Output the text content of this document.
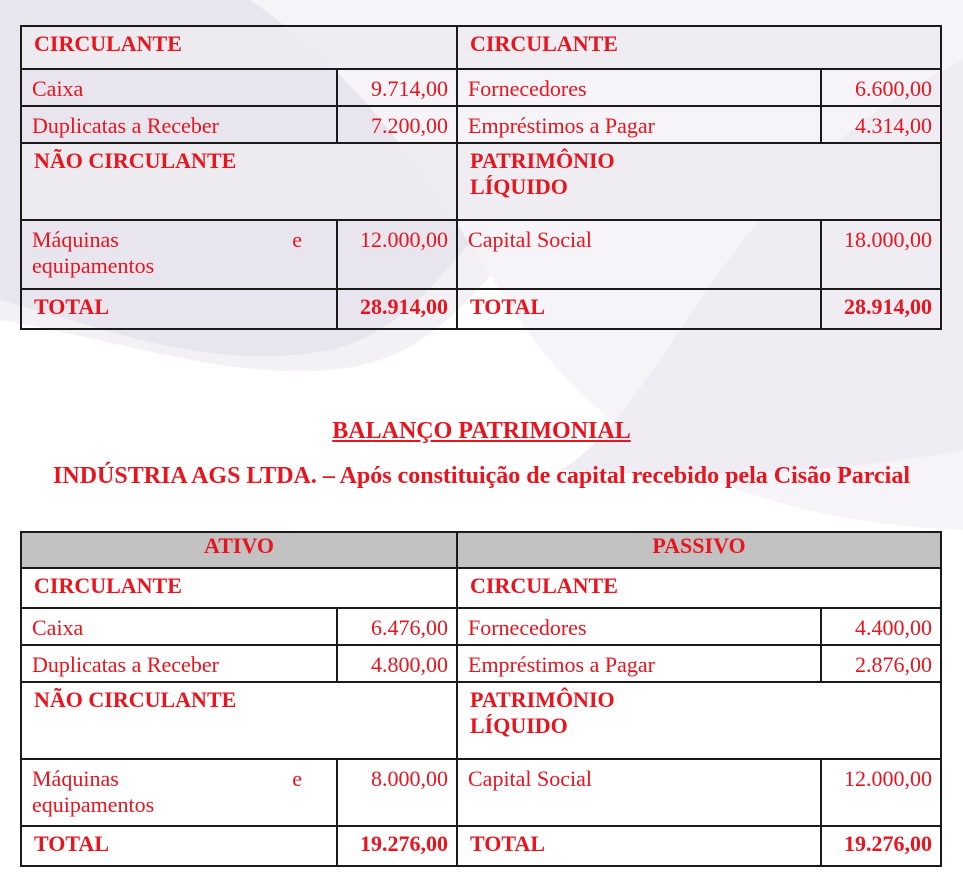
CIRCULANTE		CIRCULANTE	
Caixa	9.714,00	Fornecedores	6.600,00
Duplicatas a Receber	7.200,00	Empréstimos a Pagar	4.314,00
NÃO CIRCULANTE		PATRIMÔNIO
LÍQUIDO	

Máquinas e
equipamentos	12.000,00	Capital Social	18.000,00
TOTAL	28.914,00	TOTAL	28.914,00
BALANÇO PATRIMONIAL
INDÚSTRIA AGS LTDA. – Após constituição de capital recebido pela Cisão Parcial
ATIVO		PASSIVO	
CIRCULANTE		CIRCULANTE	
Caixa	6.476,00	Fornecedores	4.400,00
Duplicatas a Receber	4.800,00	Empréstimos a Pagar	2.876,00
NÃO CIRCULANTE		PATRIMÔNIO
LÍQUIDO	

Máquinas e
equipamentos	8.000,00	Capital Social	12.000,00
TOTAL	19.276,00	TOTAL	19.276,00
